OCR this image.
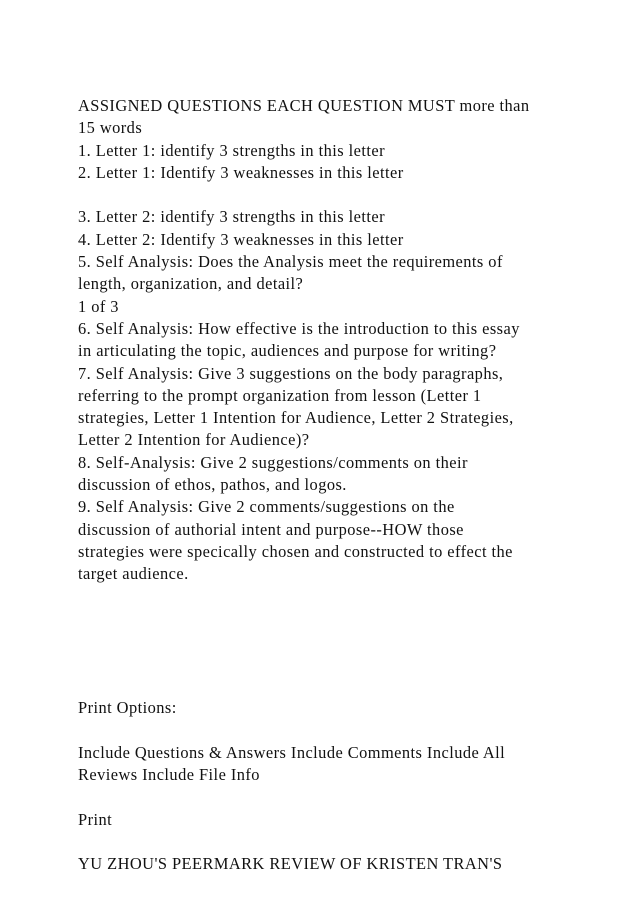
ASSIGNED QUESTIONS EACH QUESTION MUST more than
15 words
1. Letter 1: identify 3 strengths in this letter
2. Letter 1: Identify 3 weaknesses in this letter
3. Letter 2: identify 3 strengths in this letter
4. Letter 2: Identify 3 weaknesses in this letter
5. Self Analysis: Does the Analysis meet the requirements of
length, organization, and detail?
1 of 3
6. Self Analysis: How effective is the introduction to this essay
in articulating the topic, audiences and purpose for writing?
7. Self Analysis: Give 3 suggestions on the body paragraphs,
referring to the prompt organization from lesson (Letter 1
strategies, Letter 1 Intention for Audience, Letter 2 Strategies,
Letter 2 Intention for Audience)?
8. Self-Analysis: Give 2 suggestions/comments on their
discussion of ethos, pathos, and logos.
9. Self Analysis: Give 2 comments/suggestions on the
discussion of authorial intent and purpose--HOW those
strategies were specically chosen and constructed to effect the
target audience.
Print Options:
Include Questions & Answers Include Comments Include All
Reviews Include File Info
Print
YU ZHOU'S PEERMARK REVIEW OF KRISTEN TRAN'S
